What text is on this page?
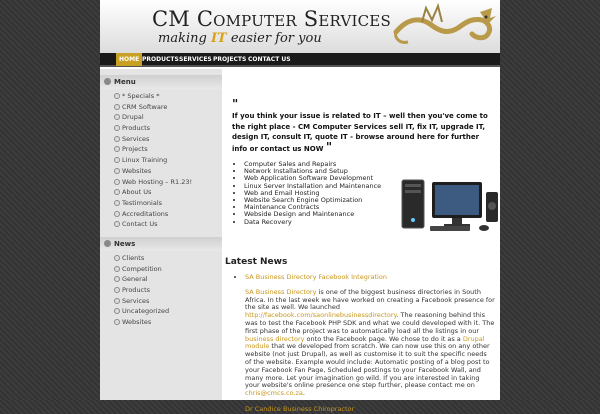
CM Computer Services
making IT easier for you
HOME PRODUCTS SERVICES PROJECTS CONTACT US
Menu
* Specials *
CRM Software
Drupal
Products
Services
Projects
Linux Training
Websites
Web Hosting – R1.23!
About Us
Testimonials
Accreditations
Contact Us
News
Clients
Competition
General
Products
Services
Uncategorized
Websites
"
If you think your issue is related to IT – well then you've come to the right place - CM Computer Services sell IT, fix IT, upgrade IT, design IT, consult IT, quote IT - browse around here for further info or contact us NOW "
• Computer Sales and Repairs
• Network Installations and Setup
• Web Application Software Development
• Linux Server Installation and Maintenance
• Web and Email Hosting
• Website Search Engine Optimization
• Maintenance Contracts
• Webside Design and Maintenance
• Data Recovery
Latest News
• SA Business Directory Facebook Integration
SA Business Directory is one of the biggest business directories in South Africa. In the last week we have worked on creating a Facebook presence for the site as well. We launched http://facebook.com/saonlinebusinessdirectory. The reasoning behind this was to test the Facebook PHP SDK and what we could developed with it. The first phase of the project was to automatically load all the listings in our business directory onto the Facebook page. We chose to do it as a Drupal module that we developed from scratch. We can now use this on any other website (not just Drupal), as well as customise it to suit the specific needs of the website. Example would include: Automatic posting of a blog post to your Facebook Fan Page, Scheduled postings to your Facebook Wall, and many more. Let your imagination go wild. If you are interested in taking your website's online presence one step further, please contact me on chris@cmcs.co.za.
• Dr Candice Business Chiropractor
